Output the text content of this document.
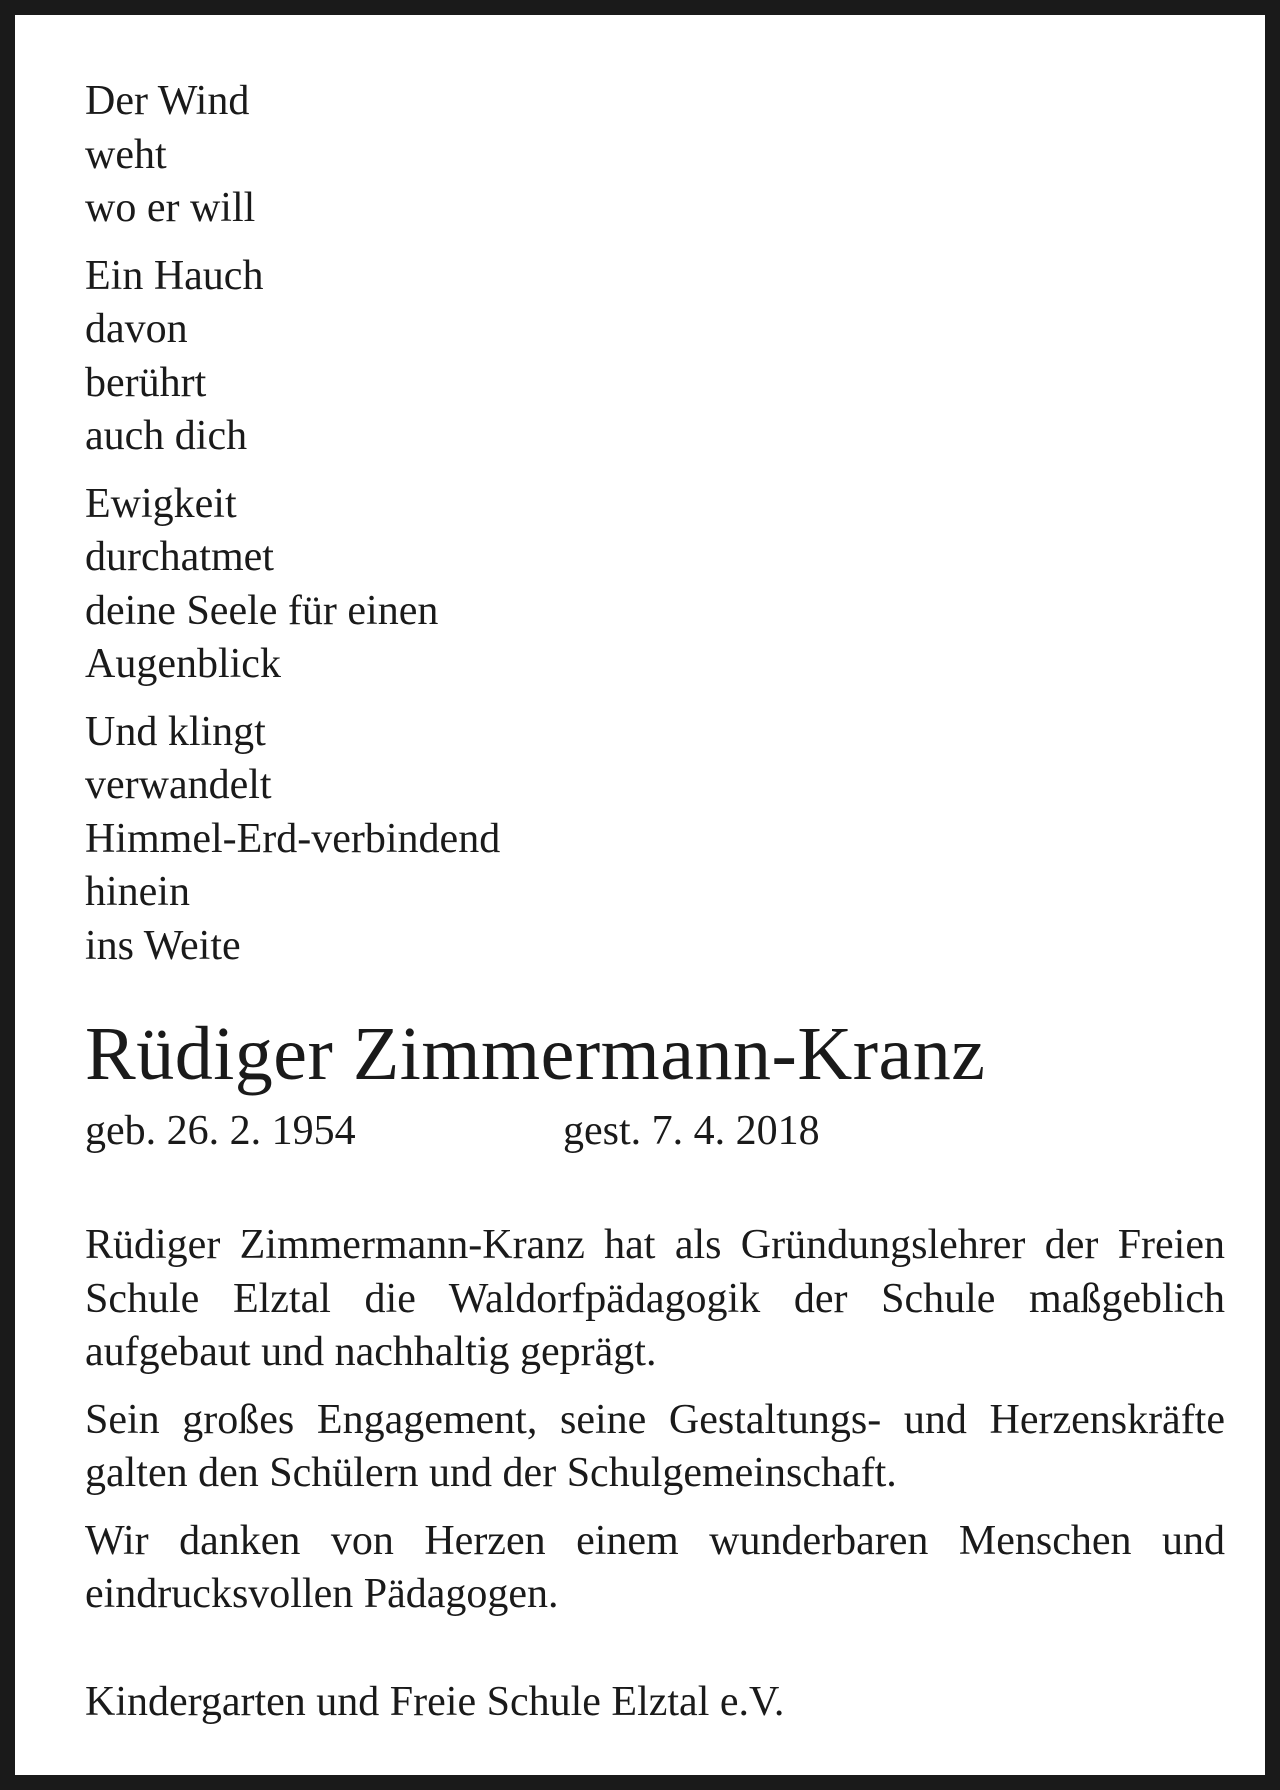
Der Wind
weht
wo er will
Ein Hauch
davon
berührt
auch dich
Ewigkeit
durchatmet
deine Seele für einen
Augenblick
Und klingt
verwandelt
Himmel-Erd-verbindend
hinein
ins Weite
Rüdiger Zimmermann-Kranz
geb. 26. 2. 1954	gest. 7. 4. 2018

Rüdiger Zimmermann-Kranz hat als Gründungslehrer der Freien Schule Elztal die Waldorfpädagogik der Schule maßgeblich aufgebaut und nachhaltig geprägt.

Sein großes Engagement, seine Gestaltungs- und Herzenskräfte galten den Schülern und der Schulgemeinschaft.

Wir danken von Herzen einem wunderbaren Menschen und eindrucksvollen Pädagogen.

Kindergarten und Freie Schule Elztal e.V.
